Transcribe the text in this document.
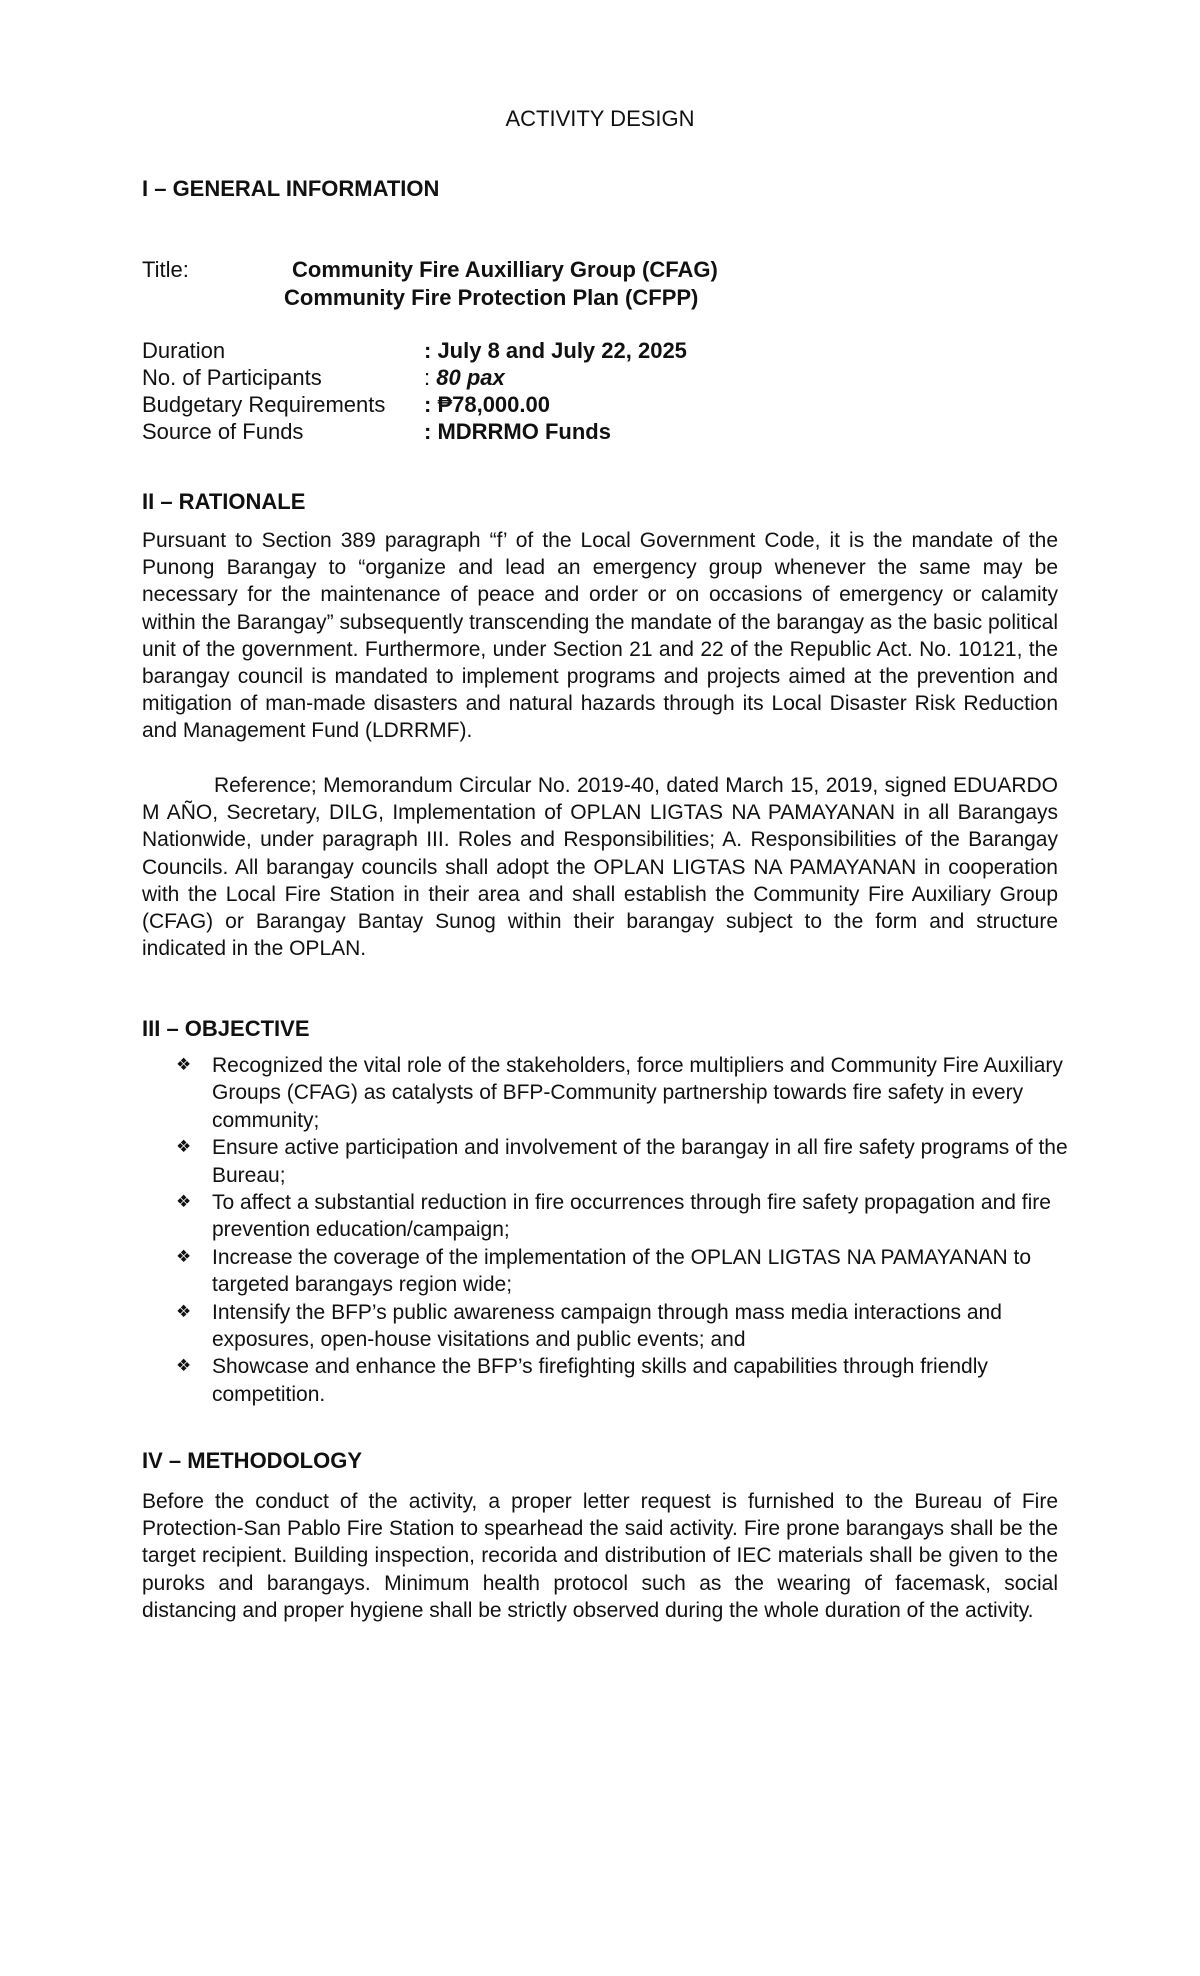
ACTIVITY DESIGN
I – GENERAL INFORMATION
Title:	Community Fire Auxilliary Group (CFAG)
Community Fire Protection Plan (CFPP)
Duration	: July 8 and July 22, 2025
No. of Participants	: 80 pax
Budgetary Requirements : ₱78,000.00
Source of Funds	: MDRRMO Funds
II – RATIONALE
Pursuant to Section 389 paragraph “f’ of the Local Government Code, it is the mandate of the Punong Barangay to “organize and lead an emergency group whenever the same may be necessary for the maintenance of peace and order or on occasions of emergency or calamity within the Barangay” subsequently transcending the mandate of the barangay as the basic political unit of the government. Furthermore, under Section 21 and 22 of the Republic Act. No. 10121, the barangay council is mandated to implement programs and projects aimed at the prevention and mitigation of man-made disasters and natural hazards through its Local Disaster Risk Reduction and Management Fund (LDRRMF).
Reference; Memorandum Circular No. 2019-40, dated March 15, 2019, signed EDUARDO M AÑO, Secretary, DILG, Implementation of OPLAN LIGTAS NA PAMAYANAN in all Barangays Nationwide, under paragraph III. Roles and Responsibilities; A. Responsibilities of the Barangay Councils. All barangay councils shall adopt the OPLAN LIGTAS NA PAMAYANAN in cooperation with the Local Fire Station in their area and shall establish the Community Fire Auxiliary Group (CFAG) or Barangay Bantay Sunog within their barangay subject to the form and structure indicated in the OPLAN.
III – OBJECTIVE
❖ Recognized the vital role of the stakeholders, force multipliers and Community Fire Auxiliary Groups (CFAG) as catalysts of BFP-Community partnership towards fire safety in every community;
❖ Ensure active participation and involvement of the barangay in all fire safety programs of the Bureau;
❖ To affect a substantial reduction in fire occurrences through fire safety propagation and fire prevention education/campaign;
❖ Increase the coverage of the implementation of the OPLAN LIGTAS NA PAMAYANAN to targeted barangays region wide;
❖ Intensify the BFP’s public awareness campaign through mass media interactions and exposures, open-house visitations and public events; and
❖ Showcase and enhance the BFP’s firefighting skills and capabilities through friendly competition.
IV – METHODOLOGY
Before the conduct of the activity, a proper letter request is furnished to the Bureau of Fire Protection-San Pablo Fire Station to spearhead the said activity. Fire prone barangays shall be the target recipient. Building inspection, recorida and distribution of IEC materials shall be given to the puroks and barangays. Minimum health protocol such as the wearing of facemask, social distancing and proper hygiene shall be strictly observed during the whole duration of the activity.
